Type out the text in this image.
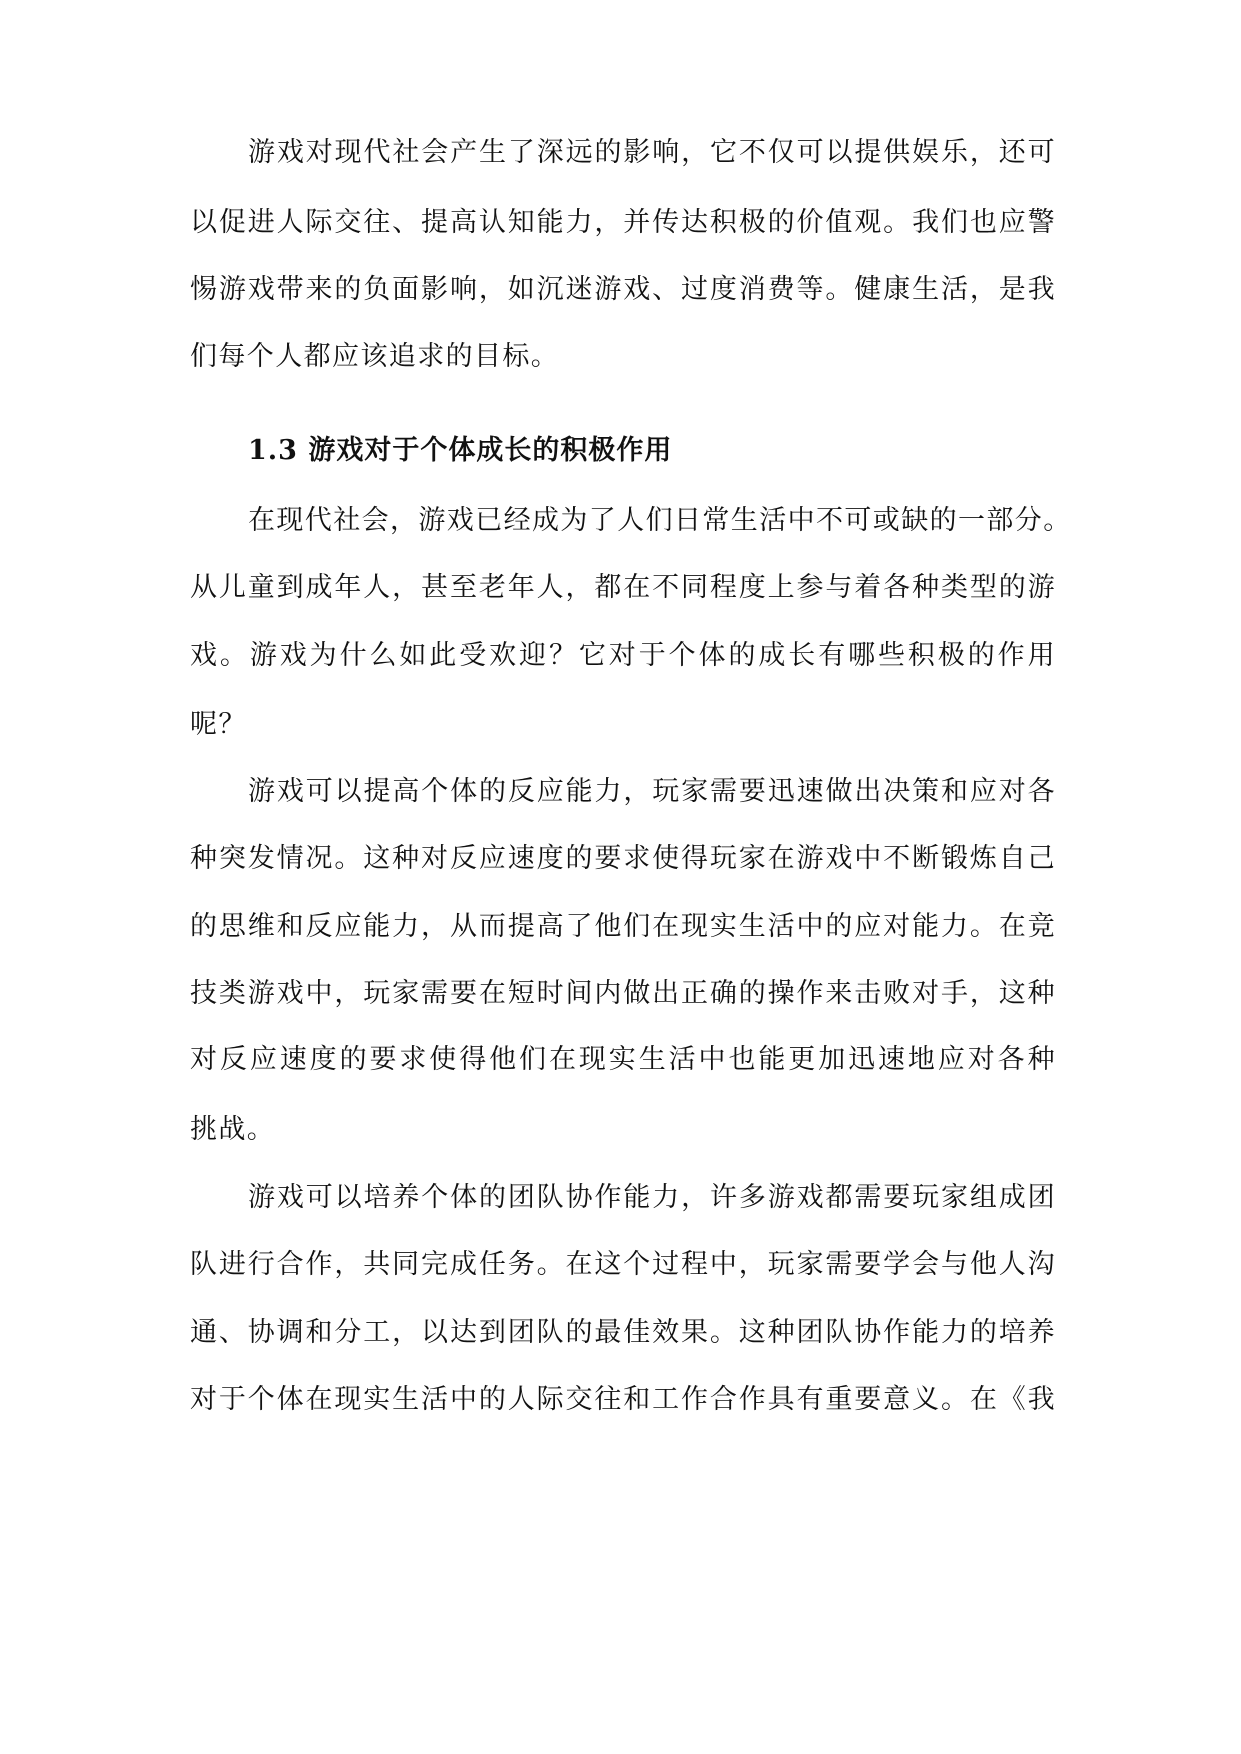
游戏对现代社会产生了深远的影响，它不仅可以提供娱乐，还可
以促进人际交往、提高认知能力，并传达积极的价值观。我们也应警
惕游戏带来的负面影响，如沉迷游戏、过度消费等。健康生活，是我
们每个人都应该追求的目标。
1.3 游戏对于个体成长的积极作用
在现代社会，游戏已经成为了人们日常生活中不可或缺的一部分。
从儿童到成年人，甚至老年人，都在不同程度上参与着各种类型的游
戏。游戏为什么如此受欢迎？它对于个体的成长有哪些积极的作用
呢？
游戏可以提高个体的反应能力，玩家需要迅速做出决策和应对各
种突发情况。这种对反应速度的要求使得玩家在游戏中不断锻炼自己
的思维和反应能力，从而提高了他们在现实生活中的应对能力。在竞
技类游戏中，玩家需要在短时间内做出正确的操作来击败对手，这种
对反应速度的要求使得他们在现实生活中也能更加迅速地应对各种
挑战。
游戏可以培养个体的团队协作能力，许多游戏都需要玩家组成团
队进行合作，共同完成任务。在这个过程中，玩家需要学会与他人沟
通、协调和分工，以达到团队的最佳效果。这种团队协作能力的培养
对于个体在现实生活中的人际交往和工作合作具有重要意义。在《我
